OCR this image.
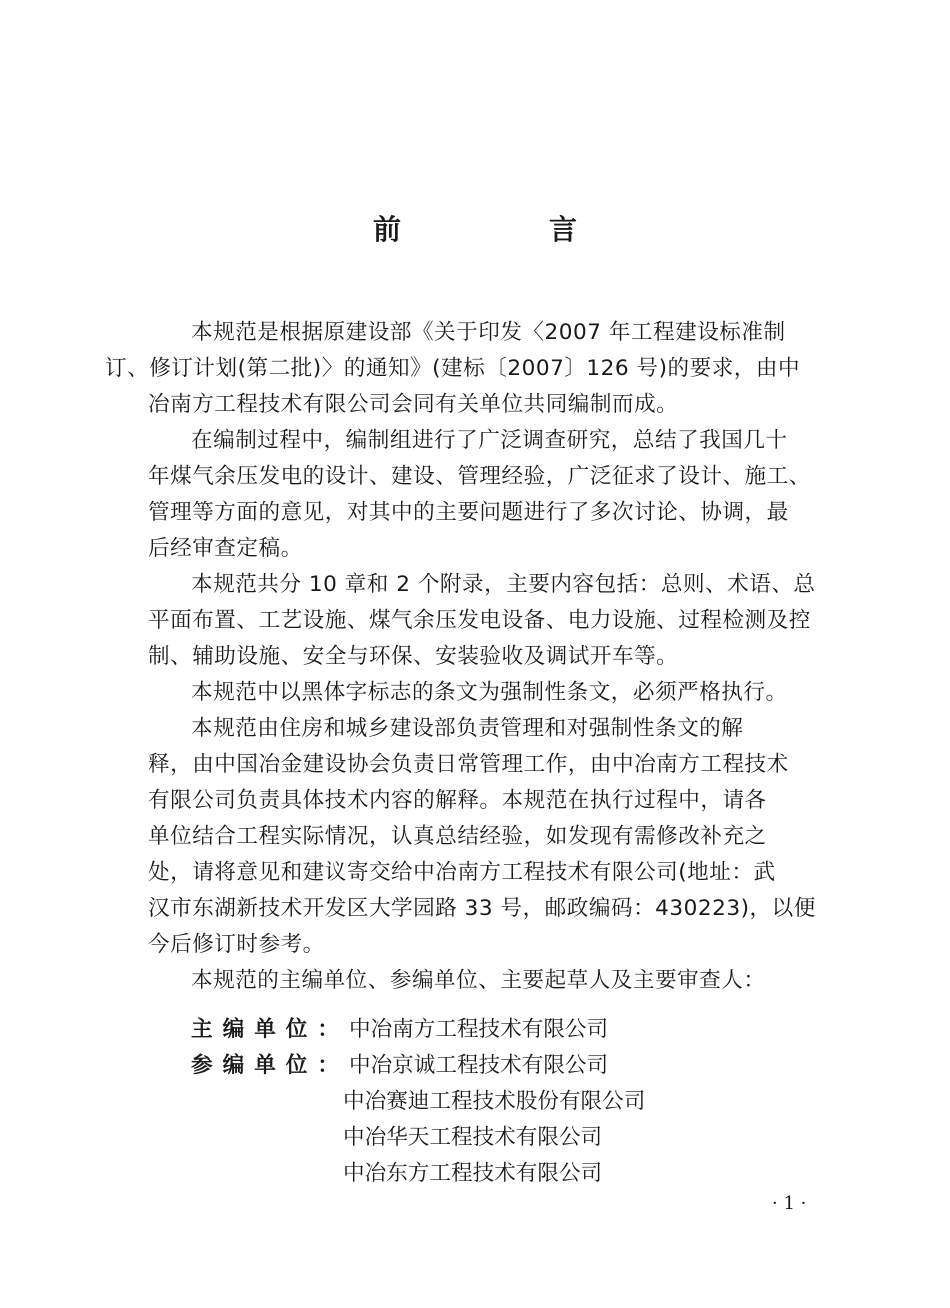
前　言

本规范是根据原建设部《关于印发〈2007 年工程建设标准制
订、修订计划(第二批)〉的通知》(建标〔2007〕126 号)的要求，由中
冶南方工程技术有限公司会同有关单位共同编制而成。

在编制过程中，编制组进行了广泛调查研究，总结了我国几十
年煤气余压发电的设计、建设、管理经验，广泛征求了设计、施工、
管理等方面的意见，对其中的主要问题进行了多次讨论、协调，最
后经审查定稿。
本规范共分 10 章和 2 个附录，主要内容包括：总则、术语、总
平面布置、工艺设施、煤气余压发电设备、电力设施、过程检测及控
制、辅助设施、安全与环保、安装验收及调试开车等。
本规范中以黑体字标志的条文为强制性条文，必须严格执行。
本规范由住房和城乡建设部负责管理和对强制性条文的解
释，由中国冶金建设协会负责日常管理工作，由中冶南方工程技术
有限公司负责具体技术内容的解释。本规范在执行过程中，请各
单位结合工程实际情况，认真总结经验，如发现有需修改补充之
处，请将意见和建议寄交给中冶南方工程技术有限公司(地址：武
汉市东湖新技术开发区大学园路 33 号，邮政编码：430223)，以便
今后修订时参考。
本规范的主编单位、参编单位、主要起草人及主要审查人：
主编单位：中冶南方工程技术有限公司
参编单位：中冶京诚工程技术有限公司
中冶赛迪工程技术股份有限公司
中冶华天工程技术有限公司
中冶东方工程技术有限公司
· 1 ·
